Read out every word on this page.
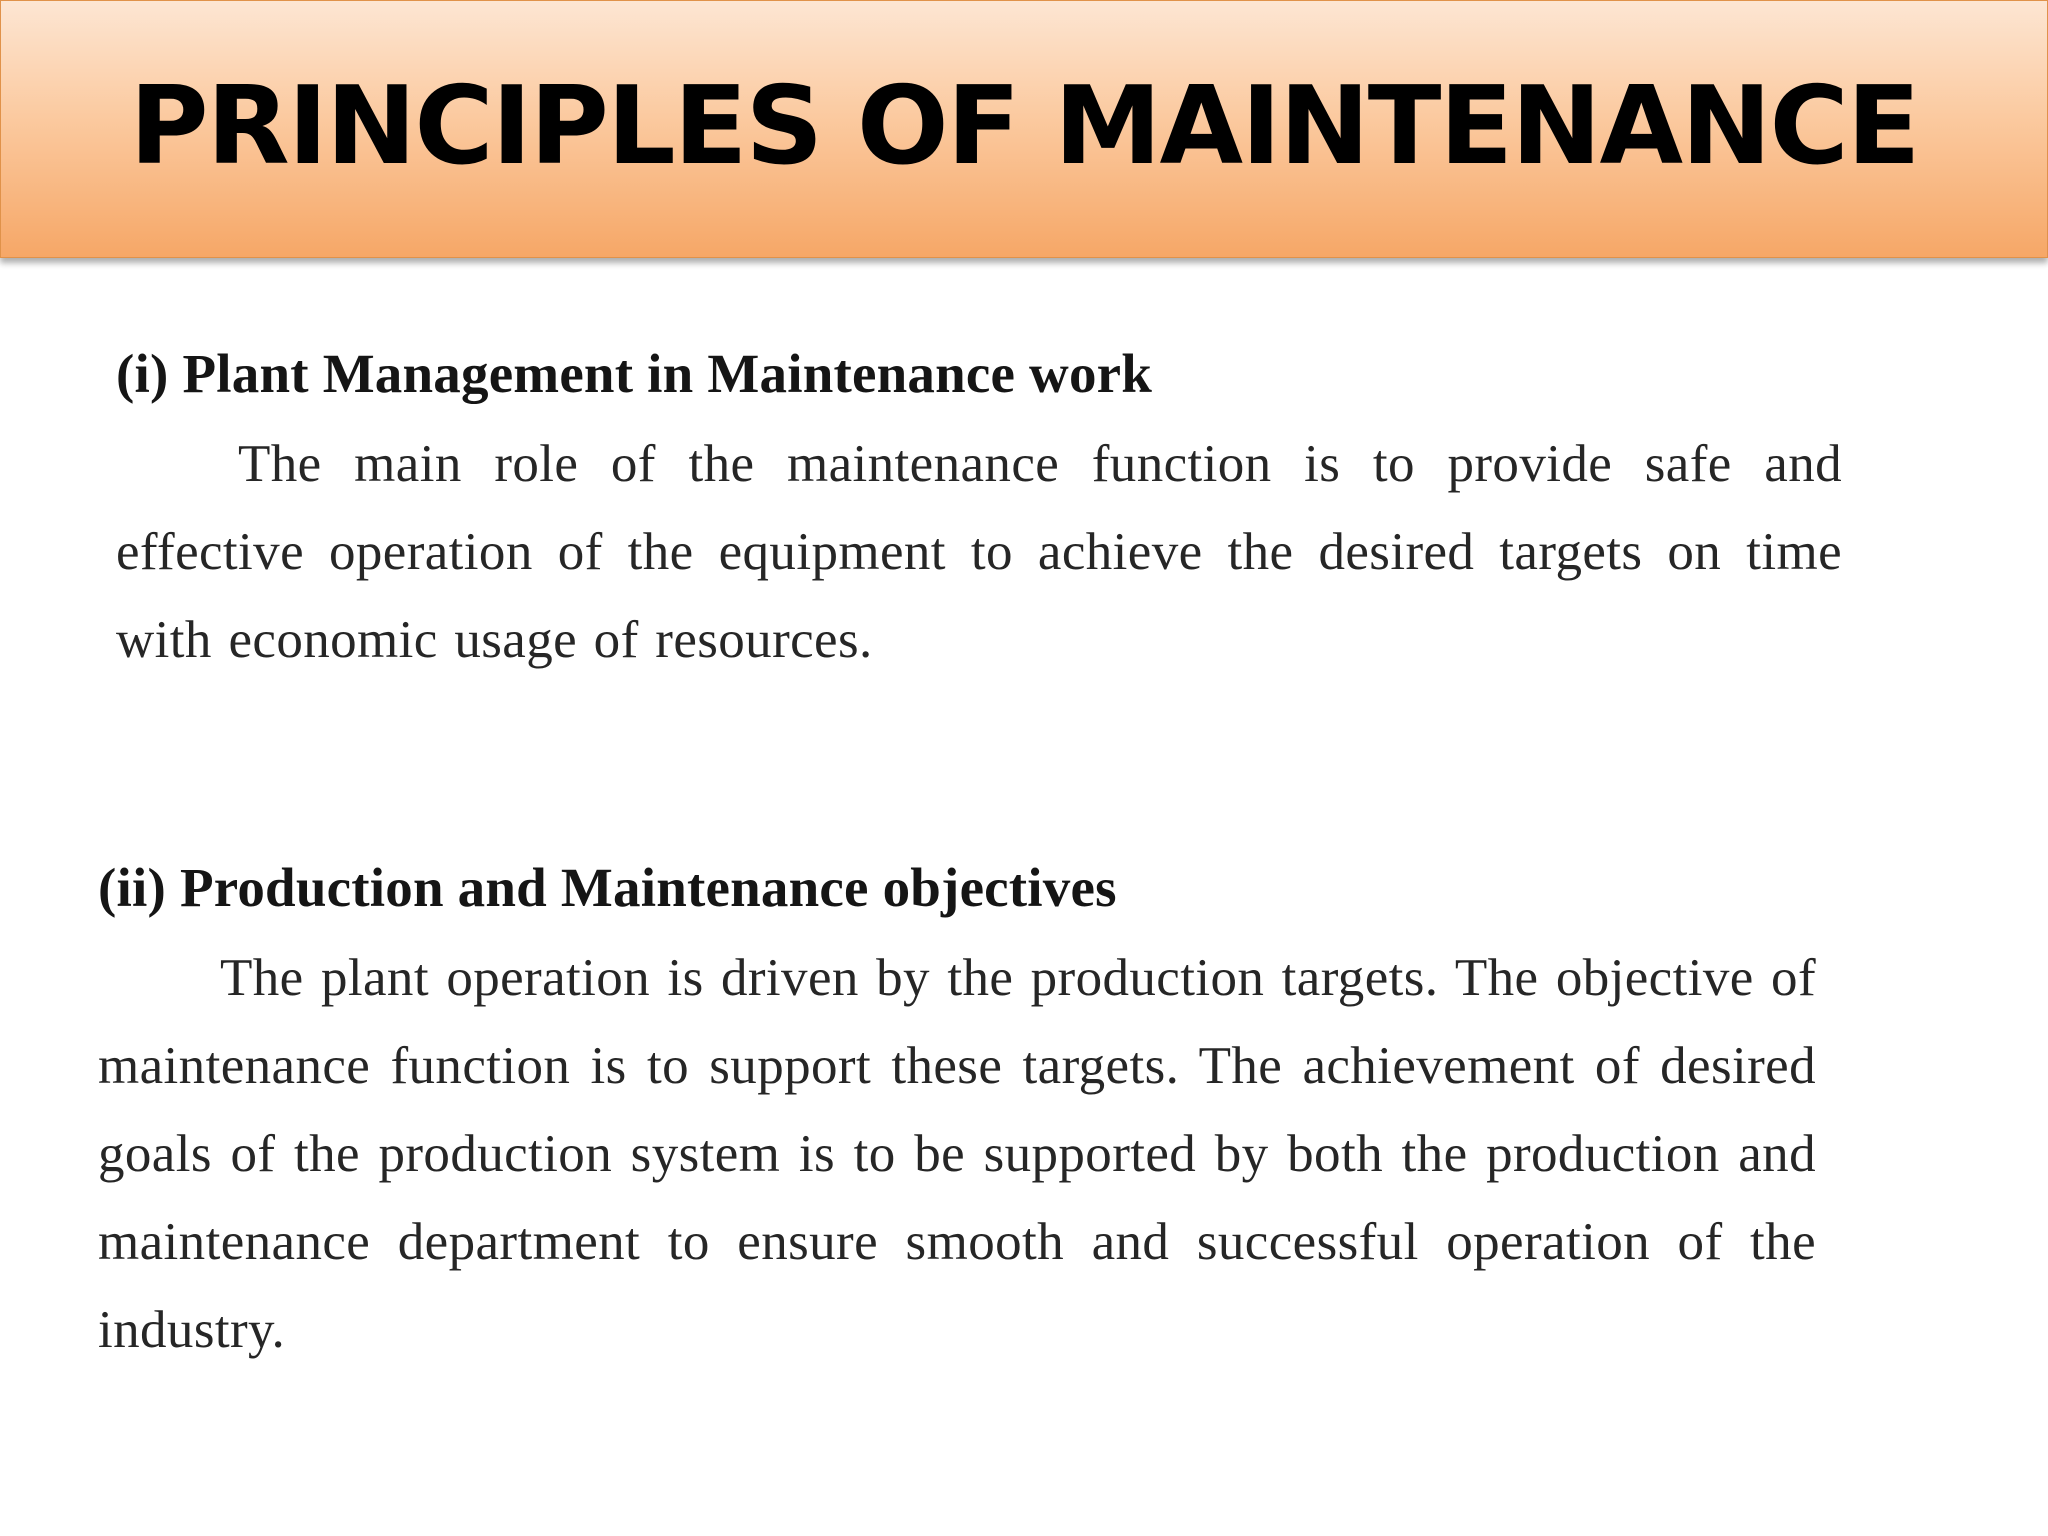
PRINCIPLES OF MAINTENANCE
(i) Plant Management in Maintenance work

The main role of the maintenance function is to provide safe and effective operation of the equipment to achieve the desired targets on time with economic usage of resources.

(ii) Production and Maintenance objectives

The plant operation is driven by the production targets. The objective of maintenance function is to support these targets. The achievement of desired goals of the production system is to be supported by both the production and maintenance department to ensure smooth and successful operation of the industry.
